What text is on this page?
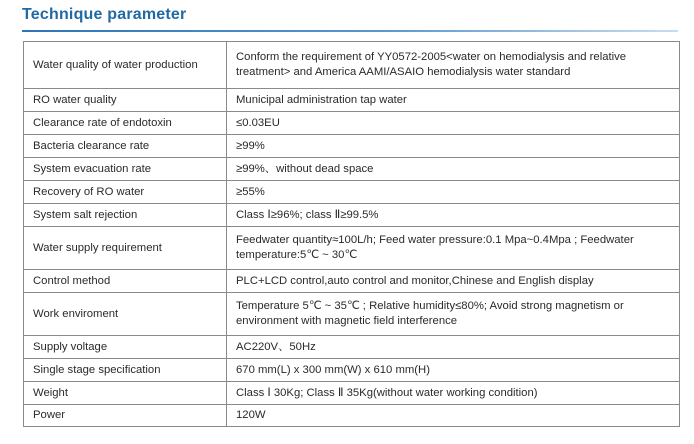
Technique parameter
Water quality of water production	Conform the requirement of YY0572-2005<water on hemodialysis and relative treatment> and America AAMI/ASAIO hemodialysis water standard
RO water quality	Municipal administration tap water
Clearance rate of endotoxin	≤0.03EU
Bacteria clearance rate	≥99%
System evacuation rate	≥99%、without dead space
Recovery of RO water	≥55%
System salt rejection	Class Ⅰ≥96%; class Ⅱ≥99.5%
Water supply requirement	Feedwater quantity≈100L/h; Feed water pressure:0.1 Mpa~0.4Mpa ; Feedwater temperature:5℃ ~ 30℃
Control method	PLC+LCD control,auto control and monitor,Chinese and English display
Work enviroment	Temperature 5℃ ~ 35℃ ; Relative humidity≤80%; Avoid strong magnetism or environment with magnetic field interference
Supply voltage	AC220V、50Hz
Single stage specification	670 mm(L) x 300 mm(W) x 610 mm(H)
Weight	Class Ⅰ 30Kg; Class Ⅱ 35Kg(without water working condition)
Power	120W
